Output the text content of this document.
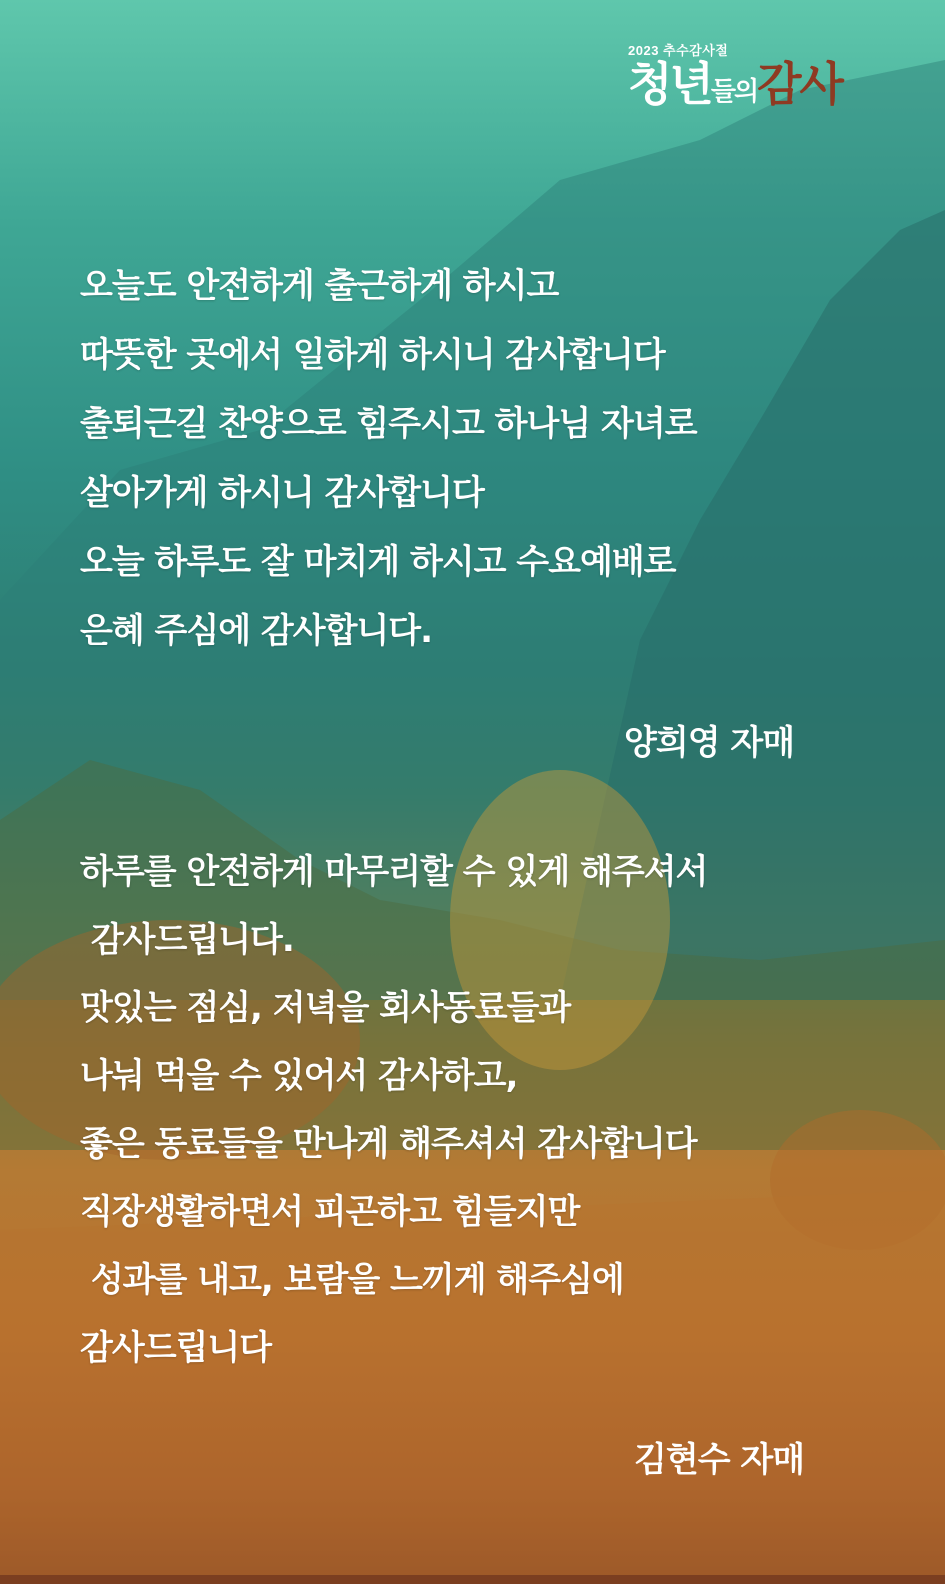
2023 추수감사절
청년들의감사
오늘도 안전하게 출근하게 하시고
따뜻한 곳에서 일하게 하시니 감사합니다
출퇴근길 찬양으로 힘주시고 하나님 자녀로
살아가게 하시니 감사합니다
오늘 하루도 잘 마치게 하시고 수요예배로
은혜 주심에 감사합니다.
양희영 자매
하루를 안전하게 마무리할 수 있게 해주셔서
감사드립니다.
맛있는 점심, 저녁을 회사동료들과
나눠 먹을 수 있어서 감사하고,
좋은 동료들을 만나게 해주셔서 감사합니다
직장생활하면서 피곤하고 힘들지만
성과를 내고, 보람을 느끼게 해주심에
감사드립니다
김현수 자매
